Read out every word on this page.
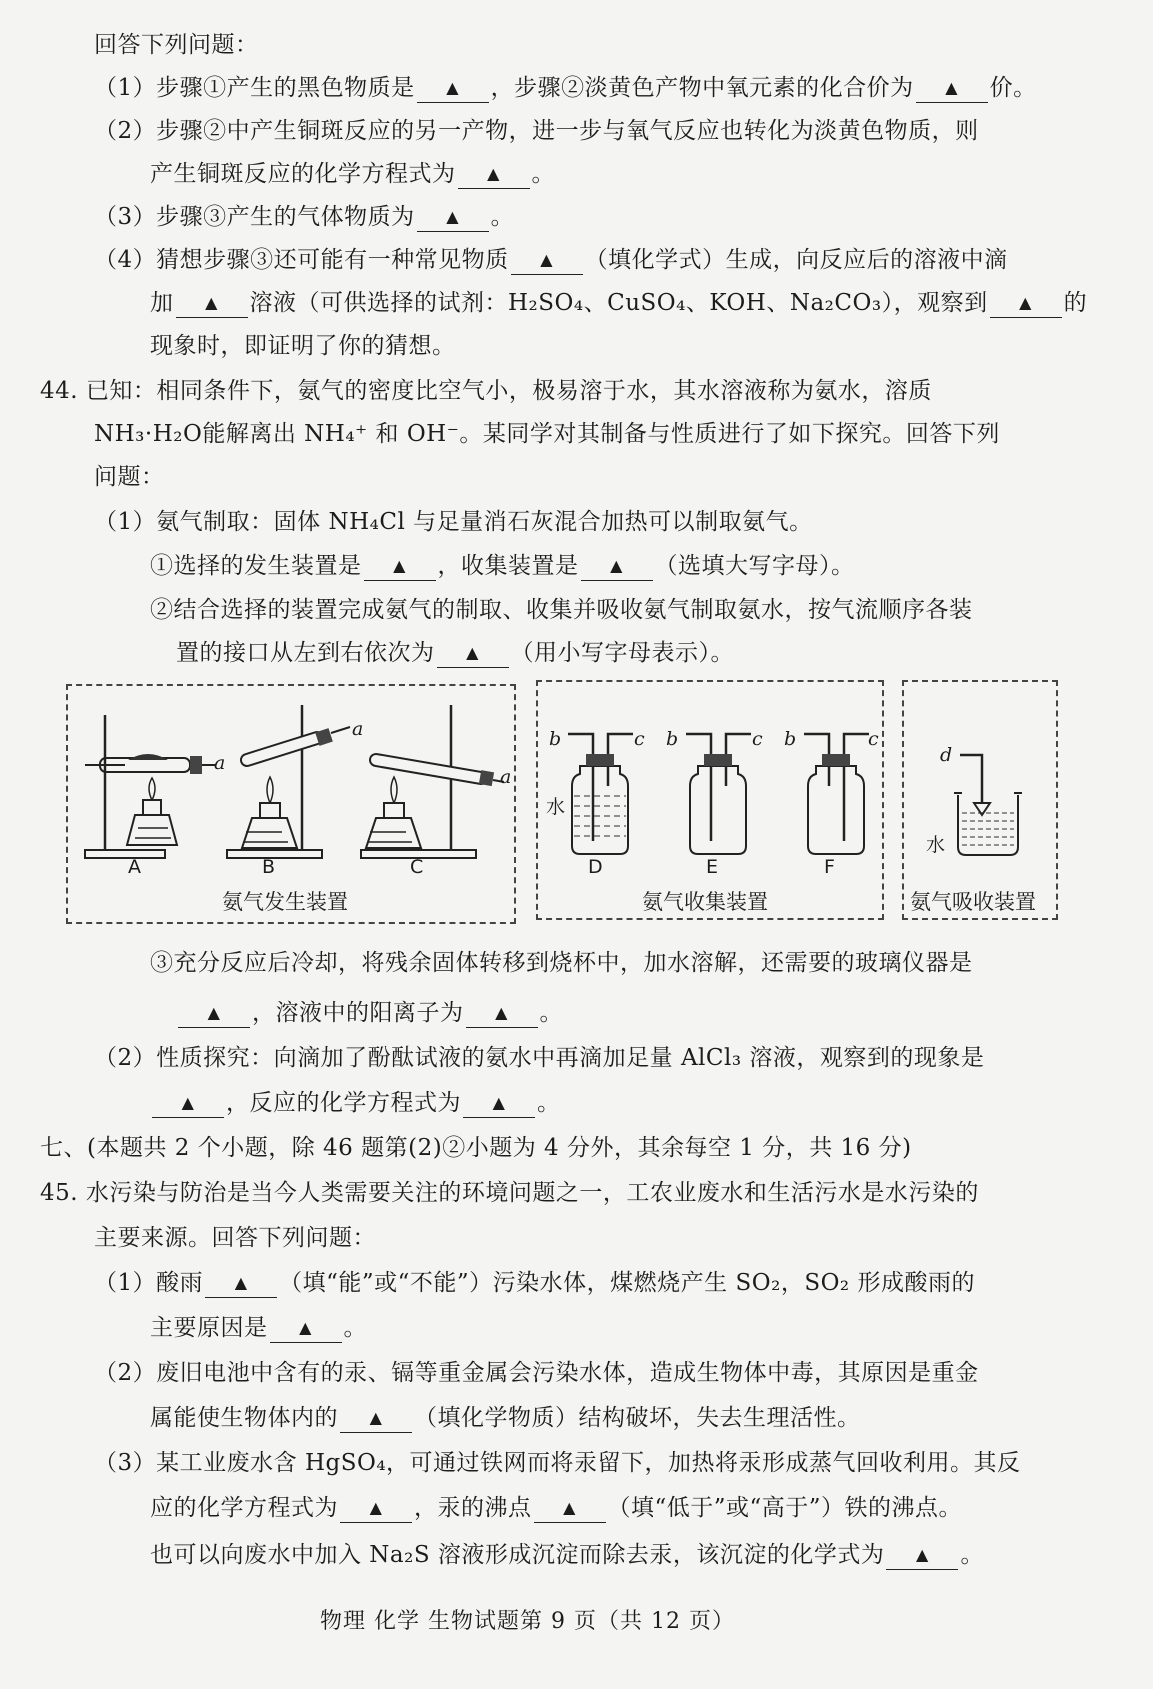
回答下列问题：
（1）步骤①产生的黑色物质是 ▲ ，步骤②淡黄色产物中氧元素的化合价为 ▲ 价。
（2）步骤②中产生铜斑反应的另一产物，进一步与氧气反应也转化为淡黄色物质，则
产生铜斑反应的化学方程式为 ▲ 。
（3）步骤③产生的气体物质为 ▲ 。
（4）猜想步骤③还可能有一种常见物质 ▲ （填化学式）生成，向反应后的溶液中滴
加 ▲ 溶液（可供选择的试剂：H₂SO₄、CuSO₄、KOH、Na₂CO₃），观察到 ▲ 的
现象时，即证明了你的猜想。
44. 已知：相同条件下，氨气的密度比空气小，极易溶于水，其水溶液称为氨水，溶质
NH₃·H₂O能解离出 NH₄⁺ 和 OH⁻。某同学对其制备与性质进行了如下探究。回答下列
问题：
（1）氨气制取：固体 NH₄Cl 与足量消石灰混合加热可以制取氨气。
①选择的发生装置是 ▲ ，收集装置是 ▲ （选填大写字母）。
②结合选择的装置完成氨气的制取、收集并吸收氨气制取氨水，按气流顺序各装
置的接口从左到右依次为 ▲ （用小写字母表示）。
a
A
a
B
a
C
氨气发生装置
b	c
水
D
b	c
E
b	c
F
氨气收集装置
d
水
氨气吸收装置
③充分反应后冷却，将残余固体转移到烧杯中，加水溶解，还需要的玻璃仪器是
▲ ，溶液中的阳离子为 ▲ 。
（2）性质探究：向滴加了酚酞试液的氨水中再滴加足量 AlCl₃ 溶液，观察到的现象是
▲ ，反应的化学方程式为 ▲ 。
七、(本题共 2 个小题，除 46 题第(2)②小题为 4 分外，其余每空 1 分，共 16 分)
45. 水污染与防治是当今人类需要关注的环境问题之一，工农业废水和生活污水是水污染的
主要来源。回答下列问题：
（1）酸雨 ▲ （填“能”或“不能”）污染水体，煤燃烧产生 SO₂，SO₂ 形成酸雨的
主要原因是 ▲ 。
（2）废旧电池中含有的汞、镉等重金属会污染水体，造成生物体中毒，其原因是重金
属能使生物体内的 ▲ （填化学物质）结构破坏，失去生理活性。
（3）某工业废水含 HgSO₄，可通过铁网而将汞留下，加热将汞形成蒸气回收利用。其反
应的化学方程式为 ▲ ，汞的沸点 ▲ （填“低于”或“高于”）铁的沸点。
也可以向废水中加入 Na₂S 溶液形成沉淀而除去汞，该沉淀的化学式为 ▲ 。
物理 化学 生物试题第 9 页（共 12 页）
